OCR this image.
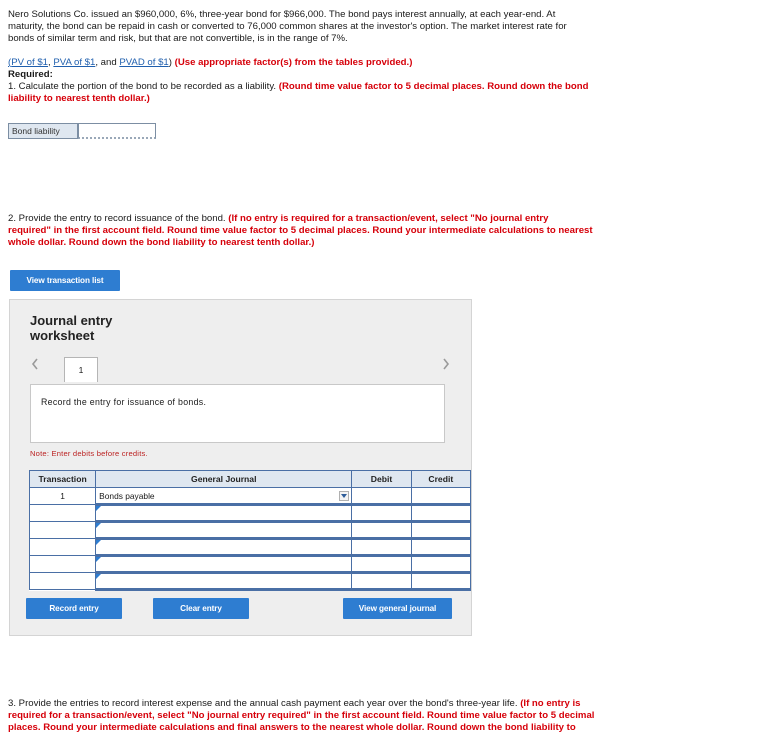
Nero Solutions Co. issued an $960,000, 6%, three-year bond for $966,000. The bond pays interest annually, at each year-end. At
maturity, the bond can be repaid in cash or converted to 76,000 common shares at the investor's option. The market interest rate for
bonds of similar term and risk, but that are not convertible, is in the range of 7%.
(PV of $1, PVA of $1, and PVAD of $1) (Use appropriate factor(s) from the tables provided.)
Required:
1. Calculate the portion of the bond to be recorded as a liability. (Round time value factor to 5 decimal places. Round down the bond
liability to nearest tenth dollar.)
Bond liability
2. Provide the entry to record issuance of the bond. (If no entry is required for a transaction/event, select "No journal entry
required" in the first account field. Round time value factor to 5 decimal places. Round your intermediate calculations to nearest
whole dollar. Round down the bond liability to nearest tenth dollar.)
View transaction list
Journal entry
worksheet
1
Record the entry for issuance of bonds.
Note: Enter debits before credits.
Transaction	General Journal	Debit	Credit
1	Bonds payable

Record entry	Clear entry	View general journal
3. Provide the entries to record interest expense and the annual cash payment each year over the bond's three-year life. (If no entry is
required for a transaction/event, select "No journal entry required" in the first account field. Round time value factor to 5 decimal
places. Round your intermediate calculations and final answers to the nearest whole dollar. Round down the bond liability to
